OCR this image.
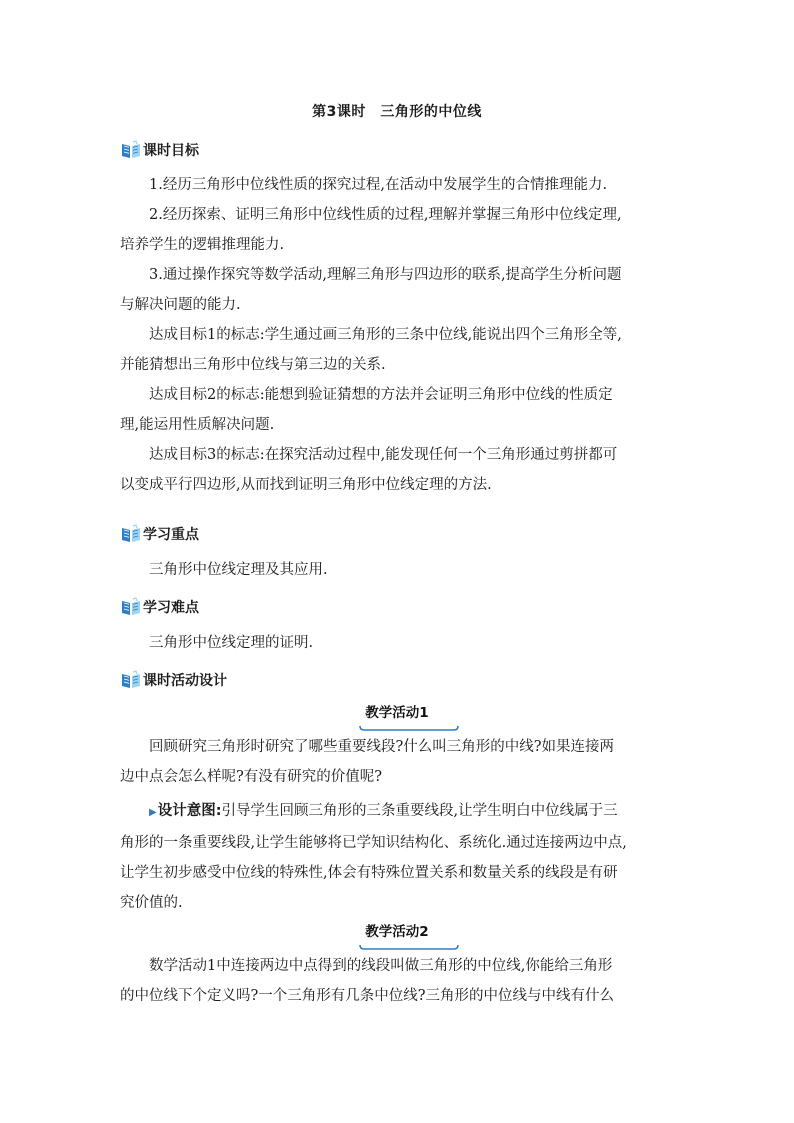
第3课时　三角形的中位线
课时目标
1.经历三角形中位线性质的探究过程,在活动中发展学生的合情推理能力.
2.经历探索、证明三角形中位线性质的过程,理解并掌握三角形中位线定理,
培养学生的逻辑推理能力.
3.通过操作探究等数学活动,理解三角形与四边形的联系,提高学生分析问题
与解决问题的能力.
达成目标1的标志:学生通过画三角形的三条中位线,能说出四个三角形全等,
并能猜想出三角形中位线与第三边的关系.
达成目标2的标志:能想到验证猜想的方法并会证明三角形中位线的性质定
理,能运用性质解决问题.
达成目标3的标志:在探究活动过程中,能发现任何一个三角形通过剪拼都可
以变成平行四边形,从而找到证明三角形中位线定理的方法.
学习重点
三角形中位线定理及其应用.
学习难点
三角形中位线定理的证明.
课时活动设计
教学活动1
回顾研究三角形时研究了哪些重要线段?什么叫三角形的中线?如果连接两
边中点会怎么样呢?有没有研究的价值呢?
▶设计意图:引导学生回顾三角形的三条重要线段,让学生明白中位线属于三
角形的一条重要线段,让学生能够将已学知识结构化、系统化.通过连接两边中点,
让学生初步感受中位线的特殊性,体会有特殊位置关系和数量关系的线段是有研
究价值的.
教学活动2
数学活动1中连接两边中点得到的线段叫做三角形的中位线,你能给三角形
的中位线下个定义吗?一个三角形有几条中位线?三角形的中位线与中线有什么
